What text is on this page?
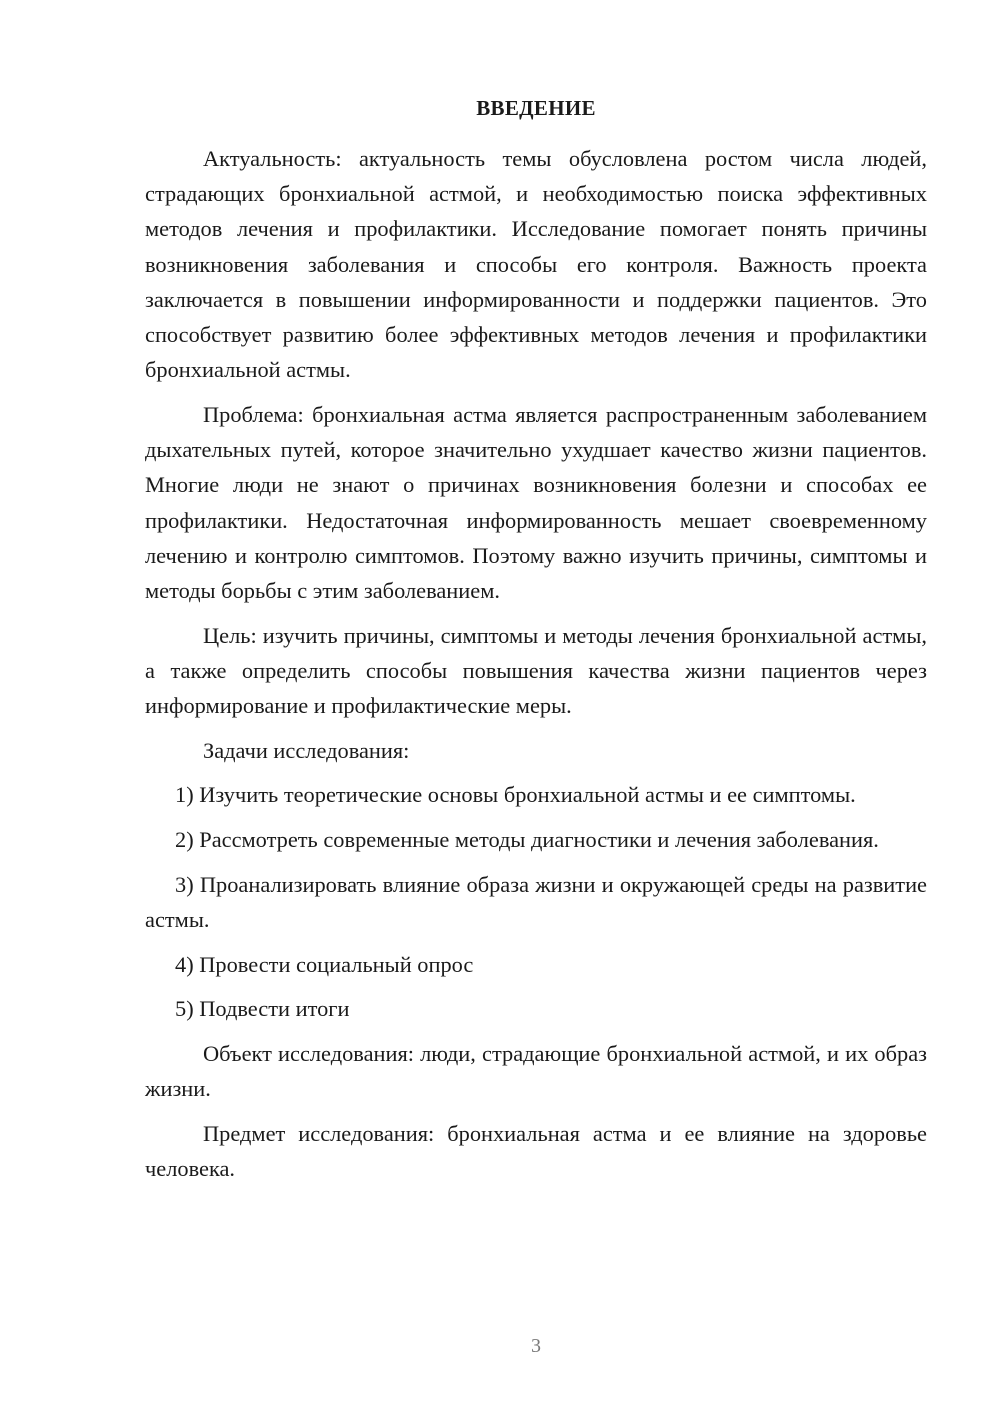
ВВЕДЕНИЕ

Актуальность: актуальность темы обусловлена ростом числа людей, страдающих бронхиальной астмой, и необходимостью поиска эффективных методов лечения и профилактики. Исследование помогает понять причины возникновения заболевания и способы его контроля. Важность проекта заключается в повышении информированности и поддержки пациентов. Это способствует развитию более эффективных методов лечения и профилактики бронхиальной астмы.

Проблема: бронхиальная астма является распространенным заболеванием дыхательных путей, которое значительно ухудшает качество жизни пациентов. Многие люди не знают о причинах возникновения болезни и способах ее профилактики. Недостаточная информированность мешает своевременному лечению и контролю симптомов. Поэтому важно изучить причины, симптомы и методы борьбы с этим заболеванием.

Цель: изучить причины, симптомы и методы лечения бронхиальной астмы, а также определить способы повышения качества жизни пациентов через информирование и профилактические меры.

Задачи исследования:

1) Изучить теоретические основы бронхиальной астмы и ее симптомы.

2) Рассмотреть современные методы диагностики и лечения заболевания.

3) Проанализировать влияние образа жизни и окружающей среды на развитие астмы.

4) Провести социальный опрос

5) Подвести итоги

Объект исследования: люди, страдающие бронхиальной астмой, и их образ жизни.

Предмет исследования: бронхиальная астма и ее влияние на здоровье человека.

3
